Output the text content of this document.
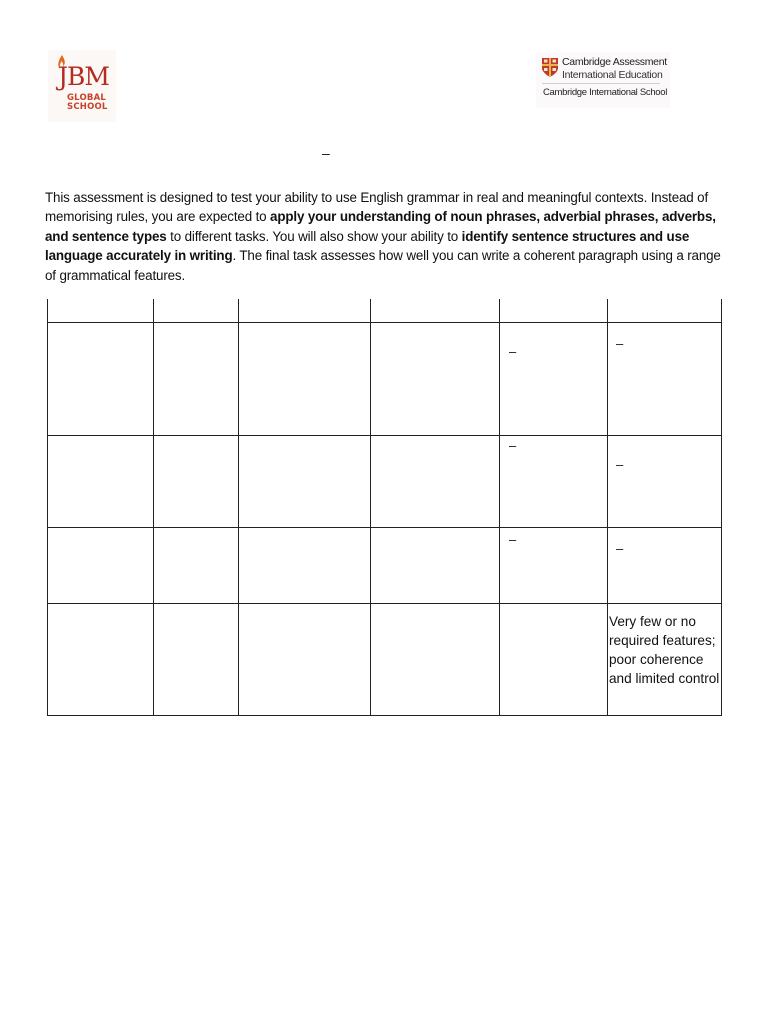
JBM
GLOBAL
SCHOOL
Cambridge Assessment
International Education
Cambridge International School
–
This assessment is designed to test your ability to use English grammar in real and meaningful contexts. Instead of memorising rules, you are expected to apply your understanding of noun phrases, adverbial phrases, adverbs, and sentence types to different tasks. You will also show your ability to identify sentence structures and use language accurately in writing. The final task assesses how well you can write a coherent paragraph using a range of grammatical features.
–
–
–
–
–
–
Very few or no required features; poor coherence and limited control
